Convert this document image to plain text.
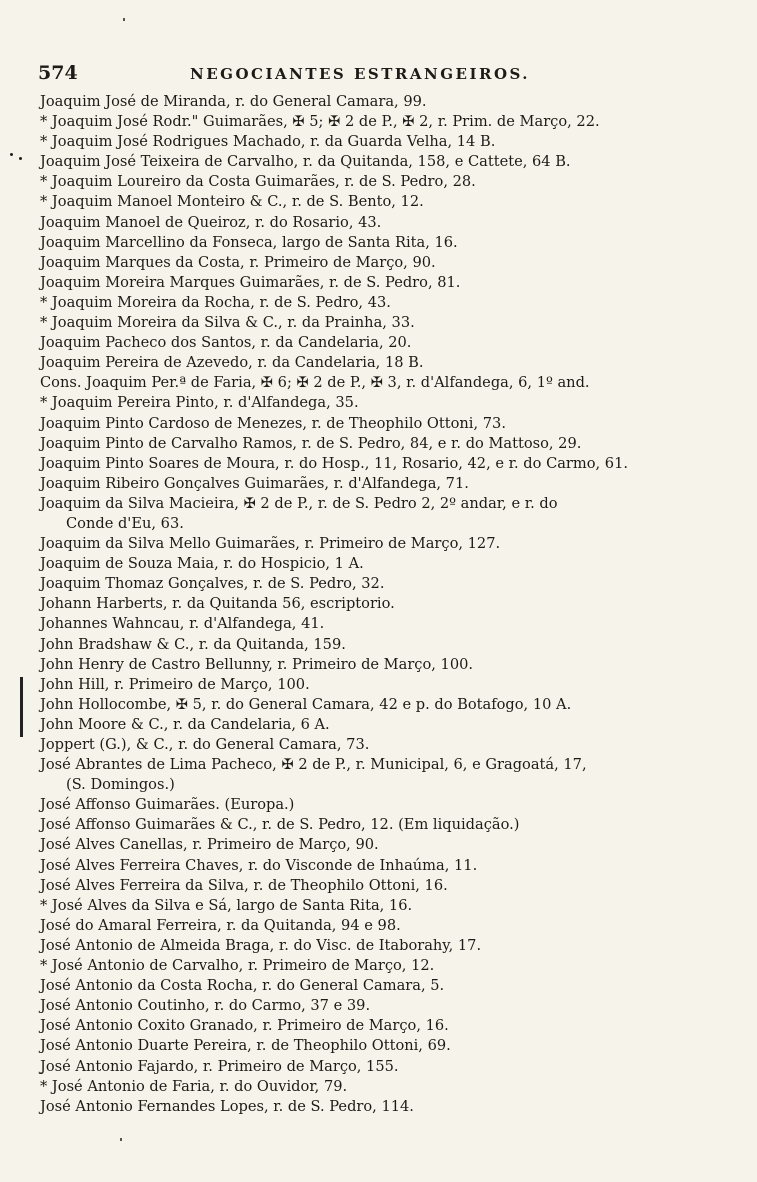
574	NEGOCIANTES ESTRANGEIROS.
Joaquim José de Miranda, r. do General Camara, 99.
* Joaquim José Rodr." Guimarães, ✠ 5; ✠ 2 de P., ✠ 2, r. Prim. de Março, 22.
* Joaquim José Rodrigues Machado, r. da Guarda Velha, 14 B.
Joaquim José Teixeira de Carvalho, r. da Quitanda, 158, e Cattete, 64 B.
* Joaquim Loureiro da Costa Guimarães, r. de S. Pedro, 28.
* Joaquim Manoel Monteiro & C., r. de S. Bento, 12.
Joaquim Manoel de Queiroz, r. do Rosario, 43.
Joaquim Marcellino da Fonseca, largo de Santa Rita, 16.
Joaquim Marques da Costa, r. Primeiro de Março, 90.
Joaquim Moreira Marques Guimarães, r. de S. Pedro, 81.
* Joaquim Moreira da Rocha, r. de S. Pedro, 43.
* Joaquim Moreira da Silva & C., r. da Prainha, 33.
Joaquim Pacheco dos Santos, r. da Candelaria, 20.
Joaquim Pereira de Azevedo, r. da Candelaria, 18 B.
Cons. Joaquim Per.ª de Faria, ✠ 6; ✠ 2 de P., ✠ 3, r. d'Alfandega, 6, 1º and.
* Joaquim Pereira Pinto, r. d'Alfandega, 35.
Joaquim Pinto Cardoso de Menezes, r. de Theophilo Ottoni, 73.
Joaquim Pinto de Carvalho Ramos, r. de S. Pedro, 84, e r. do Mattoso, 29.
Joaquim Pinto Soares de Moura, r. do Hosp., 11, Rosario, 42, e r. do Carmo, 61.
Joaquim Ribeiro Gonçalves Guimarães, r. d'Alfandega, 71.
Joaquim da Silva Macieira, ✠ 2 de P., r. de S. Pedro 2, 2º andar, e r. do
Conde d'Eu, 63.
Joaquim da Silva Mello Guimarães, r. Primeiro de Março, 127.
Joaquim de Souza Maia, r. do Hospicio, 1 A.
Joaquim Thomaz Gonçalves, r. de S. Pedro, 32.
Johann Harberts, r. da Quitanda 56, escriptorio.
Johannes Wahncau, r. d'Alfandega, 41.
John Bradshaw & C., r. da Quitanda, 159.
John Henry de Castro Bellunny, r. Primeiro de Março, 100.
John Hill, r. Primeiro de Março, 100.
John Hollocombe, ✠ 5, r. do General Camara, 42 e p. do Botafogo, 10 A.
John Moore & C., r. da Candelaria, 6 A.
Joppert (G.), & C., r. do General Camara, 73.
José Abrantes de Lima Pacheco, ✠ 2 de P., r. Municipal, 6, e Gragoatá, 17,
(S. Domingos.)
José Affonso Guimarães. (Europa.)
José Affonso Guimarães & C., r. de S. Pedro, 12. (Em liquidação.)
José Alves Canellas, r. Primeiro de Março, 90.
José Alves Ferreira Chaves, r. do Visconde de Inhaúma, 11.
José Alves Ferreira da Silva, r. de Theophilo Ottoni, 16.
* José Alves da Silva e Sá, largo de Santa Rita, 16.
José do Amaral Ferreira, r. da Quitanda, 94 e 98.
José Antonio de Almeida Braga, r. do Visc. de Itaborahy, 17.
* José Antonio de Carvalho, r. Primeiro de Março, 12.
José Antonio da Costa Rocha, r. do General Camara, 5.
José Antonio Coutinho, r. do Carmo, 37 e 39.
José Antonio Coxito Granado, r. Primeiro de Março, 16.
José Antonio Duarte Pereira, r. de Theophilo Ottoni, 69.
José Antonio Fajardo, r. Primeiro de Março, 155.
* José Antonio de Faria, r. do Ouvidor, 79.
José Antonio Fernandes Lopes, r. de S. Pedro, 114.
